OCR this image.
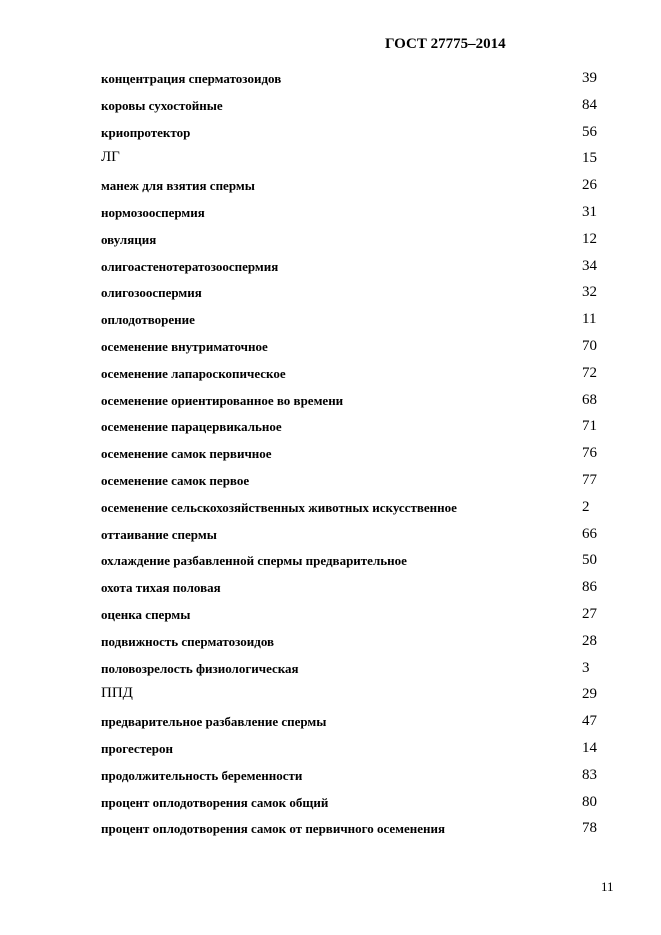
ГОСТ 27775–2014
концентрация сперматозоидов	39
коровы сухостойные	84
криопротектор	56
ЛГ	15
манеж для взятия спермы	26
нормозооспермия	31
овуляция	12
олигоастенотератозооспермия	34
олигозооспермия	32
оплодотворение	11
осеменение внутриматочное	70
осеменение лапароскопическое	72
осеменение ориентированное во времени	68
осеменение парацервикальное	71
осеменение самок первичное	76
осеменение самок первое	77
осеменение сельскохозяйственных животных искусственное	2
оттаивание спермы	66
охлаждение разбавленной спермы предварительное	50
охота тихая половая	86
оценка спермы	27
подвижность сперматозоидов	28
половозрелость физиологическая	3
ППД	29
предварительное разбавление спермы	47
прогестерон	14
продолжительность беременности	83
процент оплодотворения самок общий	80
процент оплодотворения самок от первичного осеменения	78
11
